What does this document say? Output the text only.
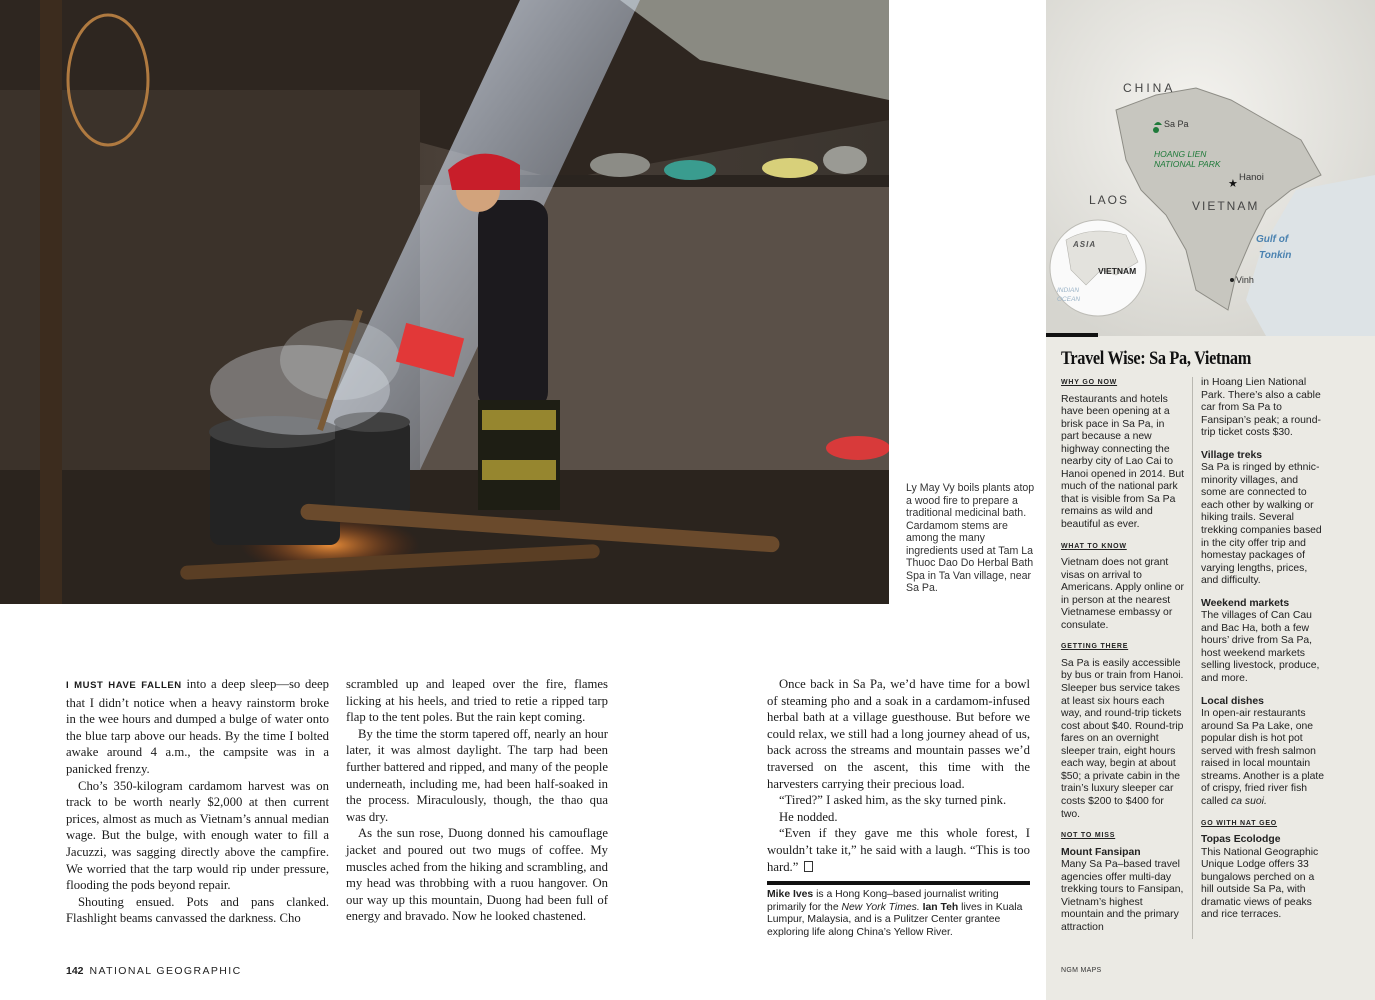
Ly May Vy boils plants atop a wood fire to prepare a traditional medicinal bath. Cardamom stems are among the many ingredients used at Tam La Thuoc Dao Do Herbal Bath Spa in Ta Van village, near Sa Pa.

I MUST HAVE FALLEN into a deep sleep—so deep that I didn’t notice when a heavy rainstorm broke in the wee hours and dumped a bulge of water onto the blue tarp above our heads. By the time I bolted awake around 4 a.m., the campsite was in a panicked frenzy.

Cho’s 350-kilogram cardamom harvest was on track to be worth nearly $2,000 at then current prices, almost as much as Vietnam’s annual median wage. But the bulge, with enough water to fill a Jacuzzi, was sagging directly above the campfire. We worried that the tarp would rip under pressure, flooding the pods beyond repair.

Shouting ensued. Pots and pans clanked. Flashlight beams canvassed the darkness. Cho

scrambled up and leaped over the fire, flames licking at his heels, and tried to retie a ripped tarp flap to the tent poles. But the rain kept coming.

By the time the storm tapered off, nearly an hour later, it was almost daylight. The tarp had been further battered and ripped, and many of the people underneath, including me, had been half-soaked in the process. Miraculously, though, the thao qua was dry.

As the sun rose, Duong donned his camouflage jacket and poured out two mugs of coffee. My muscles ached from the hiking and scrambling, and my head was throbbing with a ruou hangover. On our way up this mountain, Duong had been full of energy and bravado. Now he looked chastened.

Once back in Sa Pa, we’d have time for a bowl of steaming pho and a soak in a cardamom-infused herbal bath at a village guesthouse. But before we could relax, we still had a long journey ahead of us, back across the streams and mountain passes we’d traversed on the ascent, this time with the harvesters carrying their precious load.

“Tired?” I asked him, as the sky turned pink.

He nodded.

“Even if they gave me this whole forest, I wouldn’t take it,” he said with a laugh. “This is too hard.”

Mike Ives is a Hong Kong–based journalist writing primarily for the New York Times. Ian Teh lives in Kuala Lumpur, Malaysia, and is a Pulitzer Center grantee exploring life along China’s Yellow River.
142 NATIONAL GEOGRAPHIC
CHINA
Sa Pa
HOANG LIEN
NATIONAL PARK
★
Hanoi
LAOS	VIETNAM
Gulf of
Tonkin
Vinh
ASIA
VIETNAM
INDIAN
OCEAN
Travel Wise: Sa Pa, Vietnam
WHY GO NOW

Restaurants and hotels have been opening at a brisk pace in Sa Pa, in part because a new highway connecting the nearby city of Lao Cai to Hanoi opened in 2014. But much of the national park that is visible from Sa Pa remains as wild and beautiful as ever.

WHAT TO KNOW

Vietnam does not grant visas on arrival to Americans. Apply online or in person at the nearest Vietnamese embassy or consulate.

GETTING THERE

Sa Pa is easily accessible by bus or train from Hanoi. Sleeper bus service takes at least six hours each way, and round-trip tickets cost about $40. Round-trip fares on an overnight sleeper train, eight hours each way, begin at about $50; a private cabin in the train’s luxury sleeper car costs $200 to $400 for two.

NOT TO MISS
Mount Fansipan

Many Sa Pa–based travel agencies offer multi-day trekking tours to Fansipan, Vietnam’s highest mountain and the primary attraction

in Hoang Lien National Park. There’s also a cable car from Sa Pa to Fansipan’s peak; a round-trip ticket costs $30.

Village treks

Sa Pa is ringed by ethnic-minority villages, and some are connected to each other by walking or hiking trails. Several trekking companies based in the city offer trip and homestay packages of varying lengths, prices, and difficulty.

Weekend markets

The villages of Can Cau and Bac Ha, both a few hours’ drive from Sa Pa, host weekend markets selling livestock, produce, and more.

Local dishes

In open-air restaurants around Sa Pa Lake, one popular dish is hot pot served with fresh salmon raised in local mountain streams. Another is a plate of crispy, fried river fish called ca suoi.

GO WITH NAT GEO
Topas Ecolodge

This National Geographic Unique Lodge offers 33 bungalows perched on a hill outside Sa Pa, with dramatic views of peaks and rice terraces.

NGM MAPS
